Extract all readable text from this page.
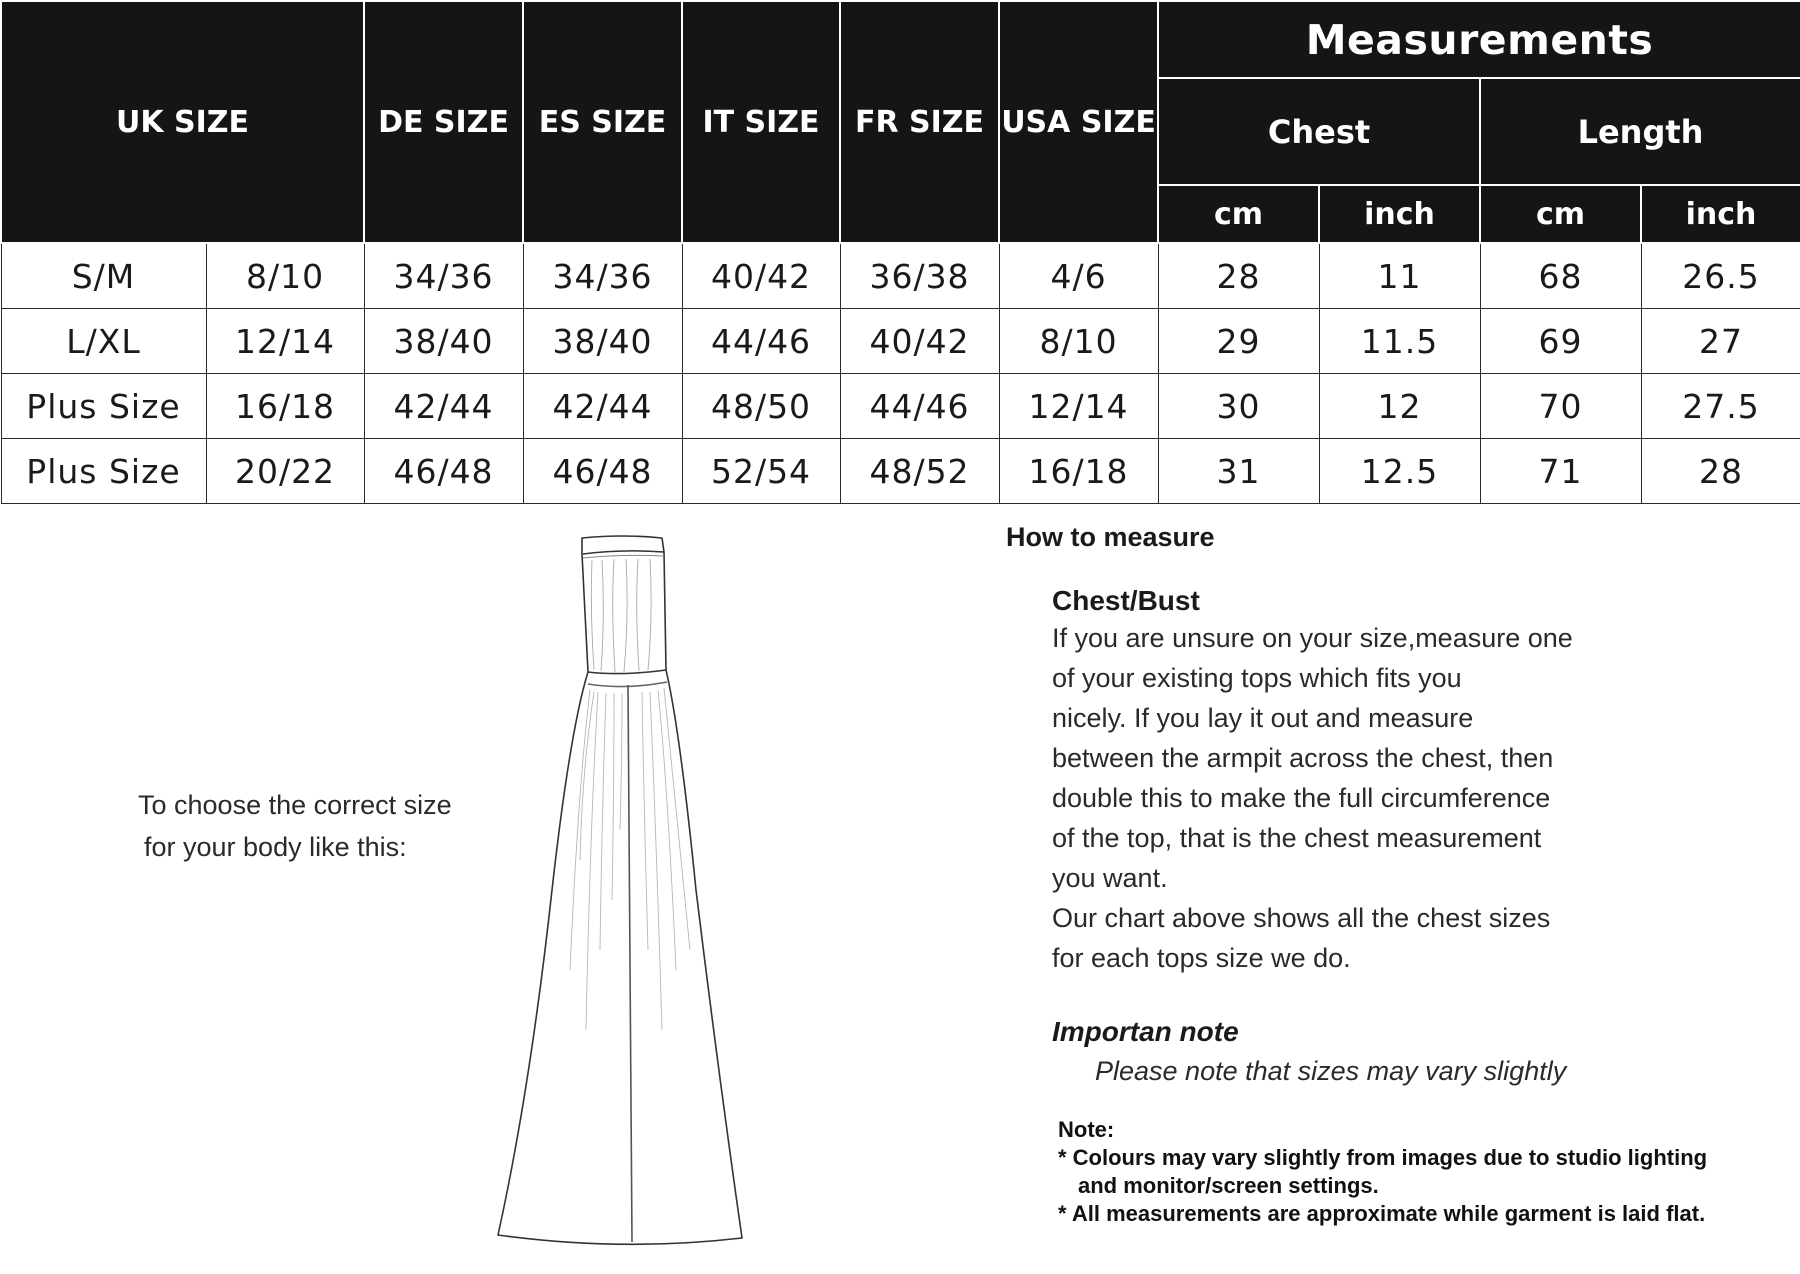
UK SIZE		DE SIZE	ES SIZE	IT SIZE	FR SIZE	USA SIZE	Measurements			
							Chest		Length	
							cm	inch	cm	inch
S/M	8/10	34/36	34/36	40/42	36/38	4/6	28	11	68	26.5
L/XL	12/14	38/40	38/40	44/46	40/42	8/10	29	11.5	69	27
Plus Size	16/18	42/44	42/44	48/50	44/46	12/14	30	12	70	27.5
Plus Size	20/22	46/48	46/48	52/54	48/52	16/18	31	12.5	71	28

To choose the correct size
for your body like this:

How to measure

Chest/Bust

If you are unsure on your size,measure one
of your existing tops which fits you
nicely. If you lay it out and measure
between the armpit across the chest, then
double this to make the full circumference
of the top, that is the chest measurement
you want.
Our chart above shows all the chest sizes
for each tops size we do.

Importan note

Please note that sizes may vary slightly

Note:
* Colours may vary slightly from images due to studio lighting
and monitor/screen settings.
* All measurements are approximate while garment is laid flat.
